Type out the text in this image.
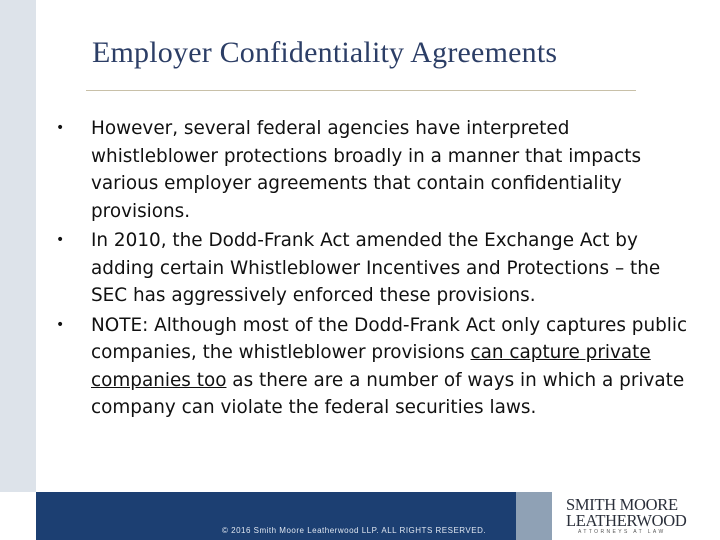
Employer Confidentiality Agreements
• However, several federal agencies have interpreted whistleblower protections broadly in a manner that impacts various employer agreements that contain confidentiality provisions.
• In 2010, the Dodd-Frank Act amended the Exchange Act by adding certain Whistleblower Incentives and Protections – the SEC has aggressively enforced these provisions.
• NOTE: Although most of the Dodd-Frank Act only captures public companies, the whistleblower provisions can capture private companies too as there are a number of ways in which a private company can violate the federal securities laws.
© 2016 Smith Moore Leatherwood LLP. ALL RIGHTS RESERVED.
SMITH MOORE
LEATHERWOOD
ATTORNEYS AT LAW
